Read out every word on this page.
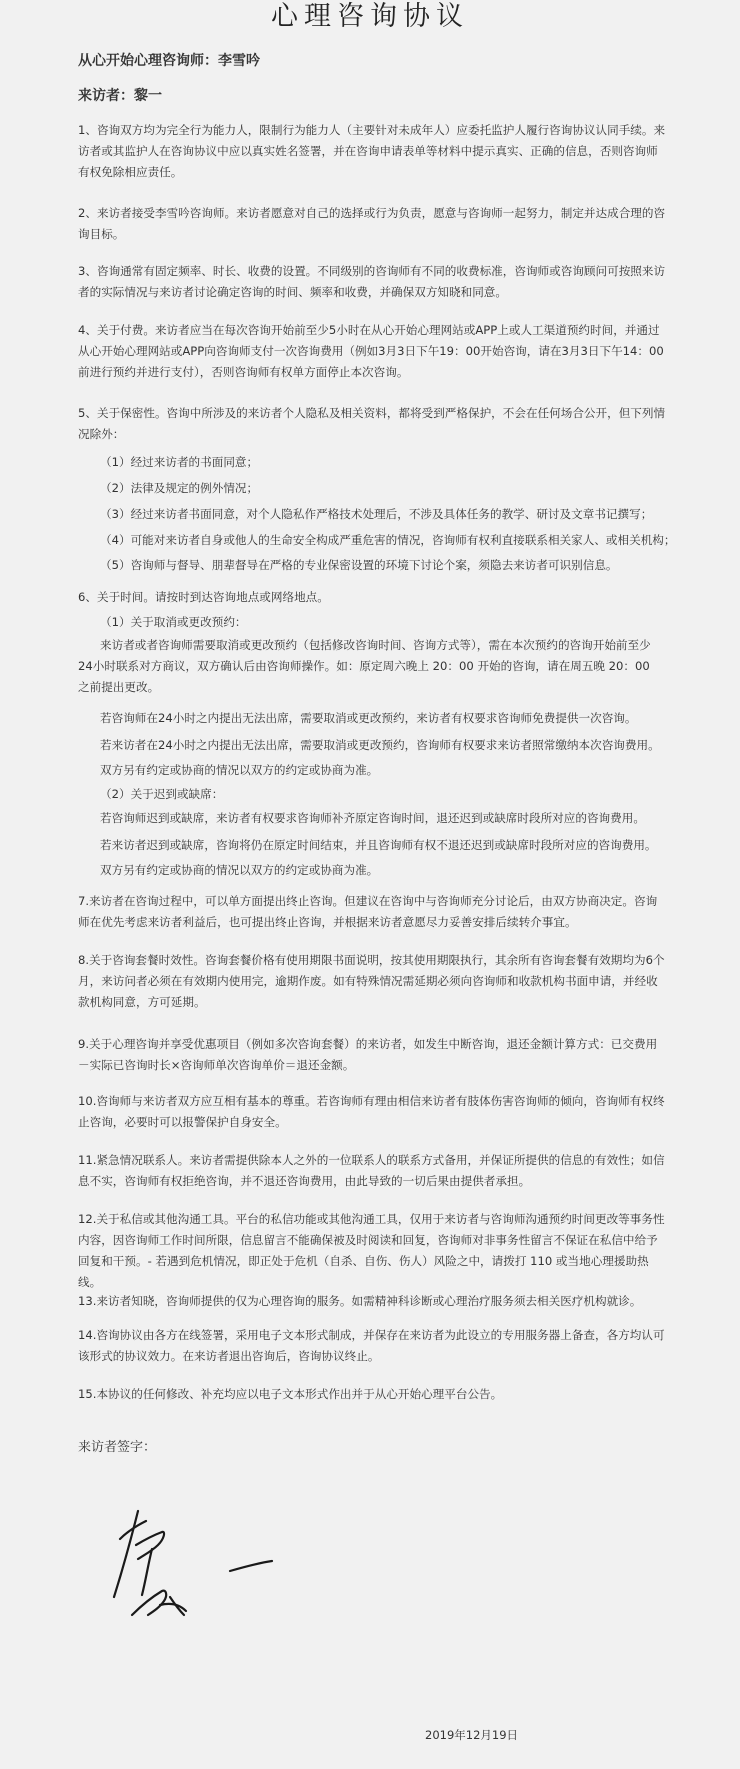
心理咨询协议
从心开始心理咨询师：李雪吟
来访者：黎一

1、咨询双方均为完全行为能力人，限制行为能力人（主要针对未成年人）应委托监护人履行咨询协议认同手续。来访者或其监护人在咨询协议中应以真实姓名签署，并在咨询申请表单等材料中提示真实、正确的信息，否则咨询师有权免除相应责任。

2、来访者接受李雪吟咨询师。来访者愿意对自己的选择或行为负责，愿意与咨询师一起努力，制定并达成合理的咨询目标。

3、咨询通常有固定频率、时长、收费的设置。不同级别的咨询师有不同的收费标准，咨询师或咨询顾问可按照来访者的实际情况与来访者讨论确定咨询的时间、频率和收费，并确保双方知晓和同意。

4、关于付费。来访者应当在每次咨询开始前至少5小时在从心开始心理网站或APP上或人工渠道预约时间，并通过从心开始心理网站或APP向咨询师支付一次咨询费用（例如3月3日下午19：00开始咨询，请在3月3日下午14：00前进行预约并进行支付），否则咨询师有权单方面停止本次咨询。

5、关于保密性。咨询中所涉及的来访者个人隐私及相关资料，都将受到严格保护，不会在任何场合公开，但下列情况除外：

（1）经过来访者的书面同意；
（2）法律及规定的例外情况；
（3）经过来访者书面同意，对个人隐私作严格技术处理后，不涉及具体任务的教学、研讨及文章书记撰写；
（4）可能对来访者自身或他人的生命安全构成严重危害的情况，咨询师有权利直接联系相关家人、或相关机构；
（5）咨询师与督导、朋辈督导在严格的专业保密设置的环境下讨论个案，须隐去来访者可识别信息。
6、关于时间。请按时到达咨询地点或网络地点。
（1）关于取消或更改预约：

来访者或者咨询师需要取消或更改预约（包括修改咨询时间、咨询方式等），需在本次预约的咨询开始前至少24小时联系对方商议，双方确认后由咨询师操作。如：原定周六晚上 20：00 开始的咨询，请在周五晚 20：00 之前提出更改。

若咨询师在24小时之内提出无法出席，需要取消或更改预约，来访者有权要求咨询师免费提供一次咨询。
若来访者在24小时之内提出无法出席，需要取消或更改预约，咨询师有权要求来访者照常缴纳本次咨询费用。
双方另有约定或协商的情况以双方的约定或协商为准。
（2）关于迟到或缺席：
若咨询师迟到或缺席，来访者有权要求咨询师补齐原定咨询时间，退还迟到或缺席时段所对应的咨询费用。
若来访者迟到或缺席，咨询将仍在原定时间结束，并且咨询师有权不退还迟到或缺席时段所对应的咨询费用。
双方另有约定或协商的情况以双方的约定或协商为准。

7.来访者在咨询过程中，可以单方面提出终止咨询。但建议在咨询中与咨询师充分讨论后，由双方协商决定。咨询师在优先考虑来访者利益后，也可提出终止咨询，并根据来访者意愿尽力妥善安排后续转介事宜。

8.关于咨询套餐时效性。咨询套餐价格有使用期限书面说明，按其使用期限执行，其余所有咨询套餐有效期均为6个月，来访问者必须在有效期内使用完，逾期作废。如有特殊情况需延期必须向咨询师和收款机构书面申请，并经收款机构同意，方可延期。

9.关于心理咨询并享受优惠项目（例如多次咨询套餐）的来访者，如发生中断咨询，退还金额计算方式：已交费用－实际已咨询时长×咨询师单次咨询单价＝退还金额。

10.咨询师与来访者双方应互相有基本的尊重。若咨询师有理由相信来访者有肢体伤害咨询师的倾向，咨询师有权终止咨询，必要时可以报警保护自身安全。

11.紧急情况联系人。来访者需提供除本人之外的一位联系人的联系方式备用，并保证所提供的信息的有效性；如信息不实，咨询师有权拒绝咨询，并不退还咨询费用，由此导致的一切后果由提供者承担。

12.关于私信或其他沟通工具。平台的私信功能或其他沟通工具，仅用于来访者与咨询师沟通预约时间更改等事务性内容，因咨询师工作时间所限，信息留言不能确保被及时阅读和回复，咨询师对非事务性留言不保证在私信中给予回复和干预。- 若遇到危机情况，即正处于危机（自杀、自伤、伤人）风险之中，请拨打 110 或当地心理援助热线。

13.来访者知晓，咨询师提供的仅为心理咨询的服务。如需精神科诊断或心理治疗服务须去相关医疗机构就诊。

14.咨询协议由各方在线签署，采用电子文本形式制成，并保存在来访者为此设立的专用服务器上备查，各方均认可该形式的协议效力。在来访者退出咨询后，咨询协议终止。

15.本协议的任何修改、补充均应以电子文本形式作出并于从心开始心理平台公告。

来访者签字：
2019年12月19日
